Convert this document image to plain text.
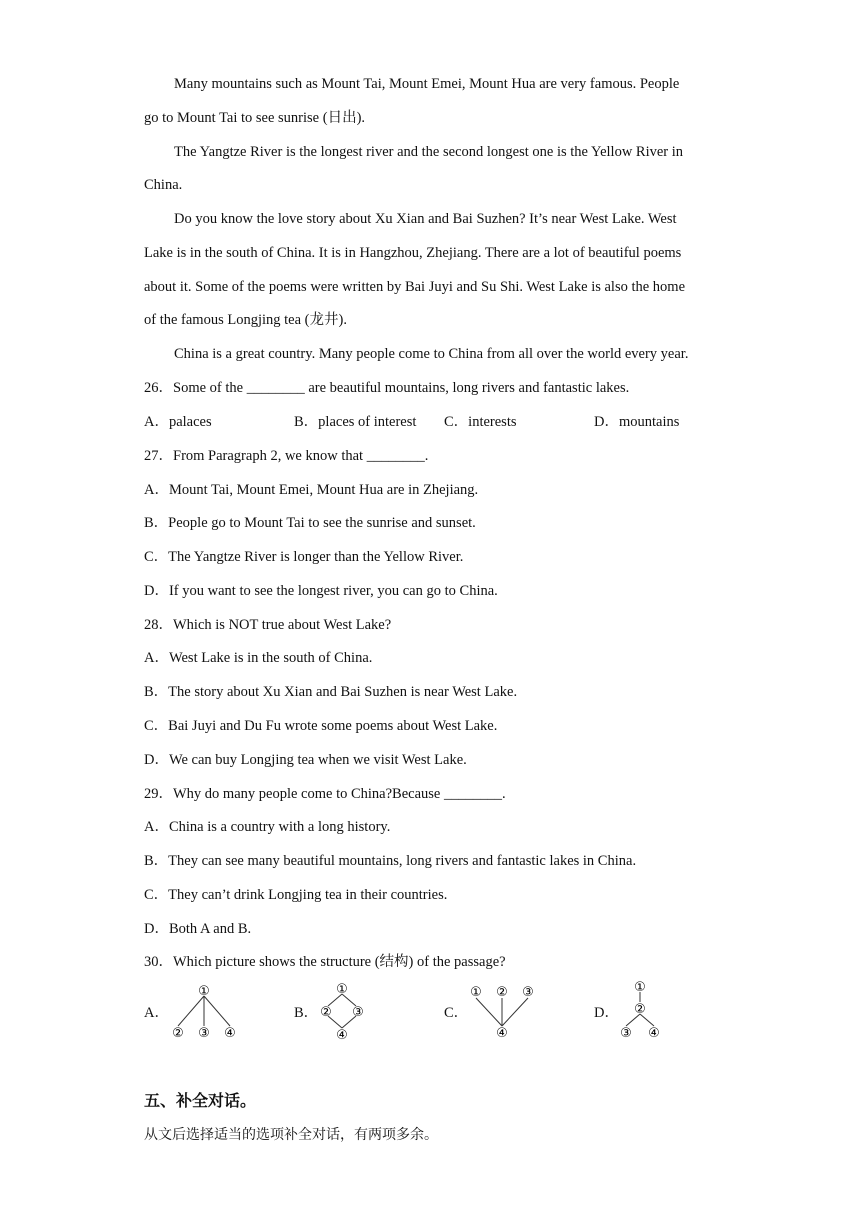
Many mountains such as Mount Tai, Mount Emei, Mount Hua are very famous. People
go to Mount Tai to see sunrise (日出).
The Yangtze River is the longest river and the second longest one is the Yellow River in
China.
Do you know the love story about Xu Xian and Bai Suzhen? It’s near West Lake. West
Lake is in the south of China. It is in Hangzhou, Zhejiang. There are a lot of beautiful poems
about it. Some of the poems were written by Bai Juyi and Su Shi. West Lake is also the home
of the famous Longjing tea (龙井).
China is a great country. Many people come to China from all over the world every year.
26．Some of the ________ are beautiful mountains, long rivers and fantastic lakes.
A．palaces	B．places of interest C．interests	D．mountains
27．From Paragraph 2, we know that ________.
A．Mount Tai, Mount Emei, Mount Hua are in Zhejiang.
B．People go to Mount Tai to see the sunrise and sunset.
C．The Yangtze River is longer than the Yellow River.
D．If you want to see the longest river, you can go to China.
28．Which is NOT true about West Lake?
A．West Lake is in the south of China.
B．The story about Xu Xian and Bai Suzhen is near West Lake.
C．Bai Juyi and Du Fu wrote some poems about West Lake.
D．We can buy Longjing tea when we visit West Lake.
29．Why do many people come to China?Because ________.
A．China is a country with a long history.
B．They can see many beautiful mountains, long rivers and fantastic lakes in China.
C．They can’t drink Longjing tea in their countries.
D．Both A and B.
30．Which picture shows the structure (结构) of the passage?
A．	B．	C．	D．
①
② ③ ④
①
② ③
④
① ② ③
④
①
②
③ ④
五、补全对话。
从文后选择适当的选项补全对话，有两项多余。
